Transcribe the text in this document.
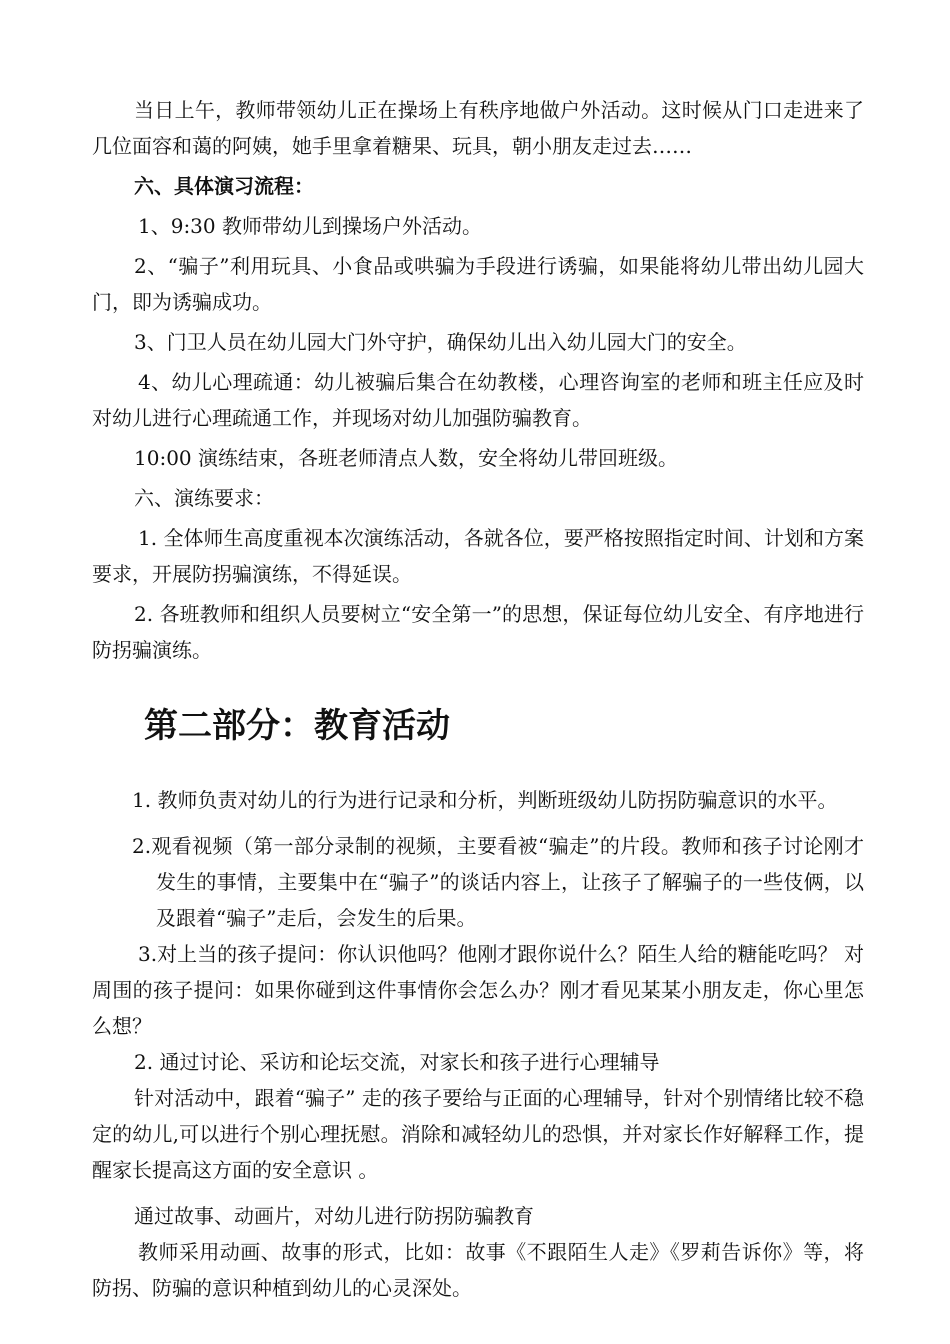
当日上午，教师带领幼儿正在操场上有秩序地做户外活动。这时候从门口走进来了几位面容和蔼的阿姨，她手里拿着糖果、玩具，朝小朋友走过去……

六、具体演习流程：

1、9:30 教师带幼儿到操场户外活动。

2、“骗子”利用玩具、小食品或哄骗为手段进行诱骗，如果能将幼儿带出幼儿园大门，即为诱骗成功。

3、门卫人员在幼儿园大门外守护，确保幼儿出入幼儿园大门的安全。

4、幼儿心理疏通：幼儿被骗后集合在幼教楼，心理咨询室的老师和班主任应及时对幼儿进行心理疏通工作，并现场对幼儿加强防骗教育。

10:00 演练结束，各班老师清点人数，安全将幼儿带回班级。

六、演练要求：

1. 全体师生高度重视本次演练活动，各就各位，要严格按照指定时间、计划和方案要求，开展防拐骗演练，不得延误。

2. 各班教师和组织人员要树立“安全第一”的思想，保证每位幼儿安全、有序地进行防拐骗演练。

第二部分：教育活动

1. 教师负责对幼儿的行为进行记录和分析，判断班级幼儿防拐防骗意识的水平。

2.观看视频（第一部分录制的视频，主要看被“骗走”的片段。教师和孩子讨论刚才发生的事情，主要集中在“骗子”的谈话内容上，让孩子了解骗子的一些伎俩，以及跟着“骗子”走后，会发生的后果。

3.对上当的孩子提问：你认识他吗？他刚才跟你说什么？陌生人给的糖能吃吗？ 对周围的孩子提问：如果你碰到这件事情你会怎么办？刚才看见某某小朋友走，你心里怎么想？

2. 通过讨论、采访和论坛交流，对家长和孩子进行心理辅导

针对活动中，跟着“骗子” 走的孩子要给与正面的心理辅导，针对个别情绪比较不稳定的幼儿,可以进行个别心理抚慰。消除和减轻幼儿的恐惧，并对家长作好解释工作，提醒家长提高这方面的安全意识 。

通过故事、动画片，对幼儿进行防拐防骗教育

教师采用动画、故事的形式，比如：故事《不跟陌生人走》《罗莉告诉你》等，将防拐、防骗的意识种植到幼儿的心灵深处。
